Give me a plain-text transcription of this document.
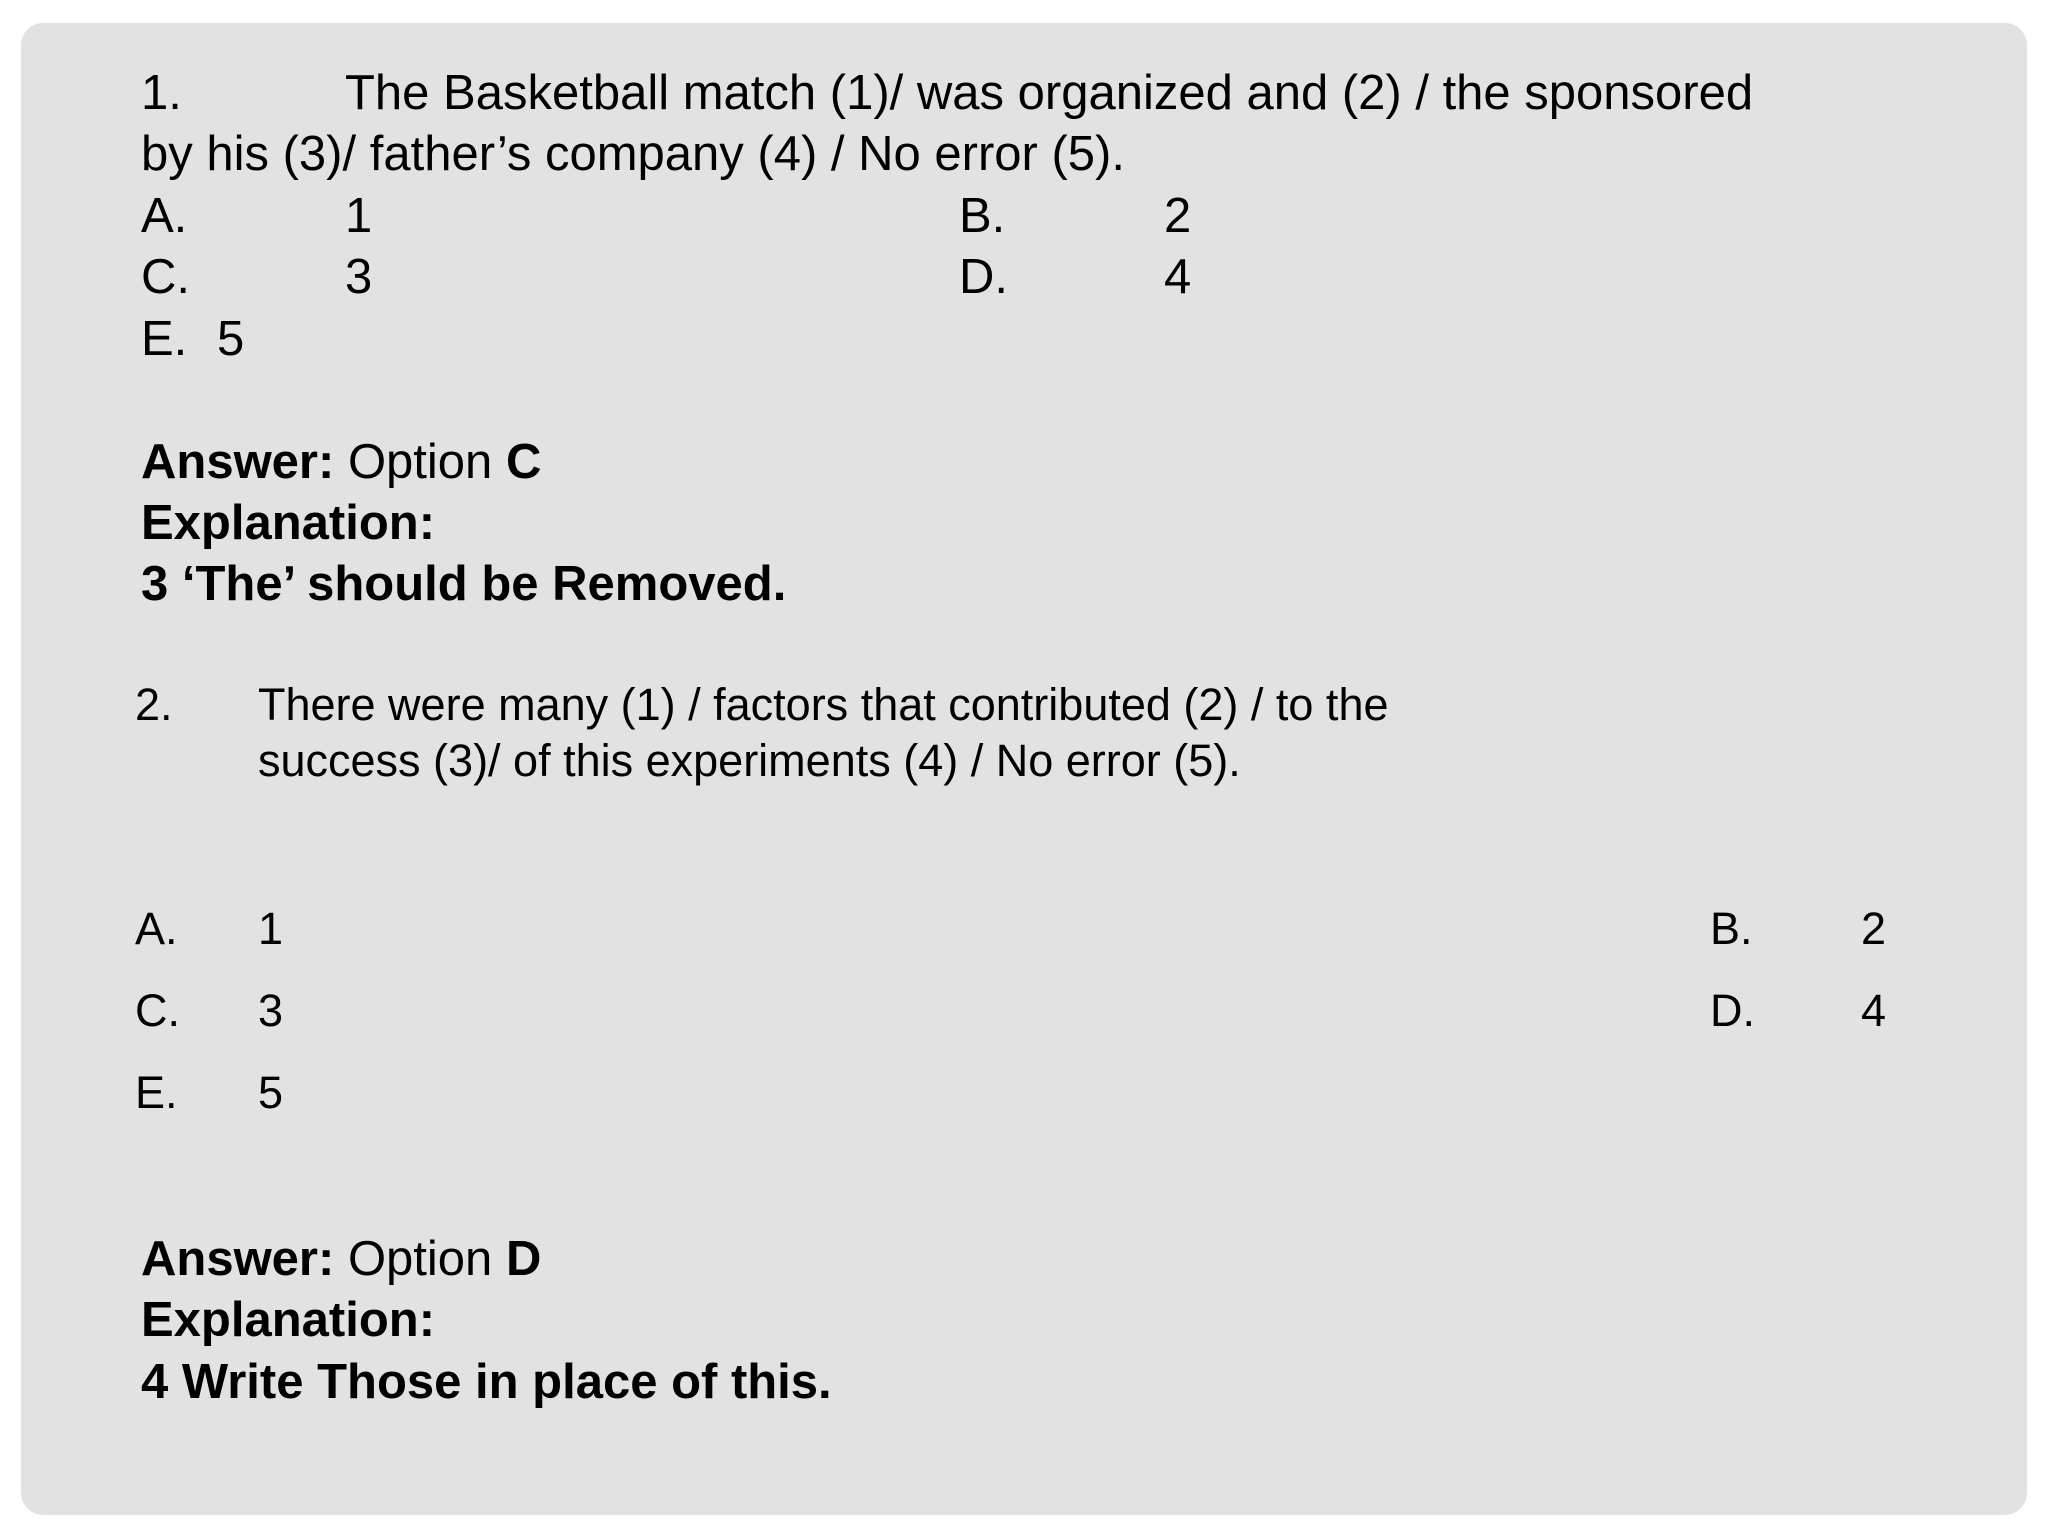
1.	The Basketball match (1)/ was organized and (2) / the sponsored
by his (3)/ father’s company (4) / No error (5).
A.	1	B.	2
C.	3	D.	4
E. 5
Answer: Option C
Explanation:
3 ‘The’ should be Removed.
2. There were many (1) / factors that contributed (2) / to the
success (3)/ of this experiments (4) / No error (5).
A. 1	B. 2
C. 3	D. 4
E. 5
Answer: Option D
Explanation:
4 Write Those in place of this.
